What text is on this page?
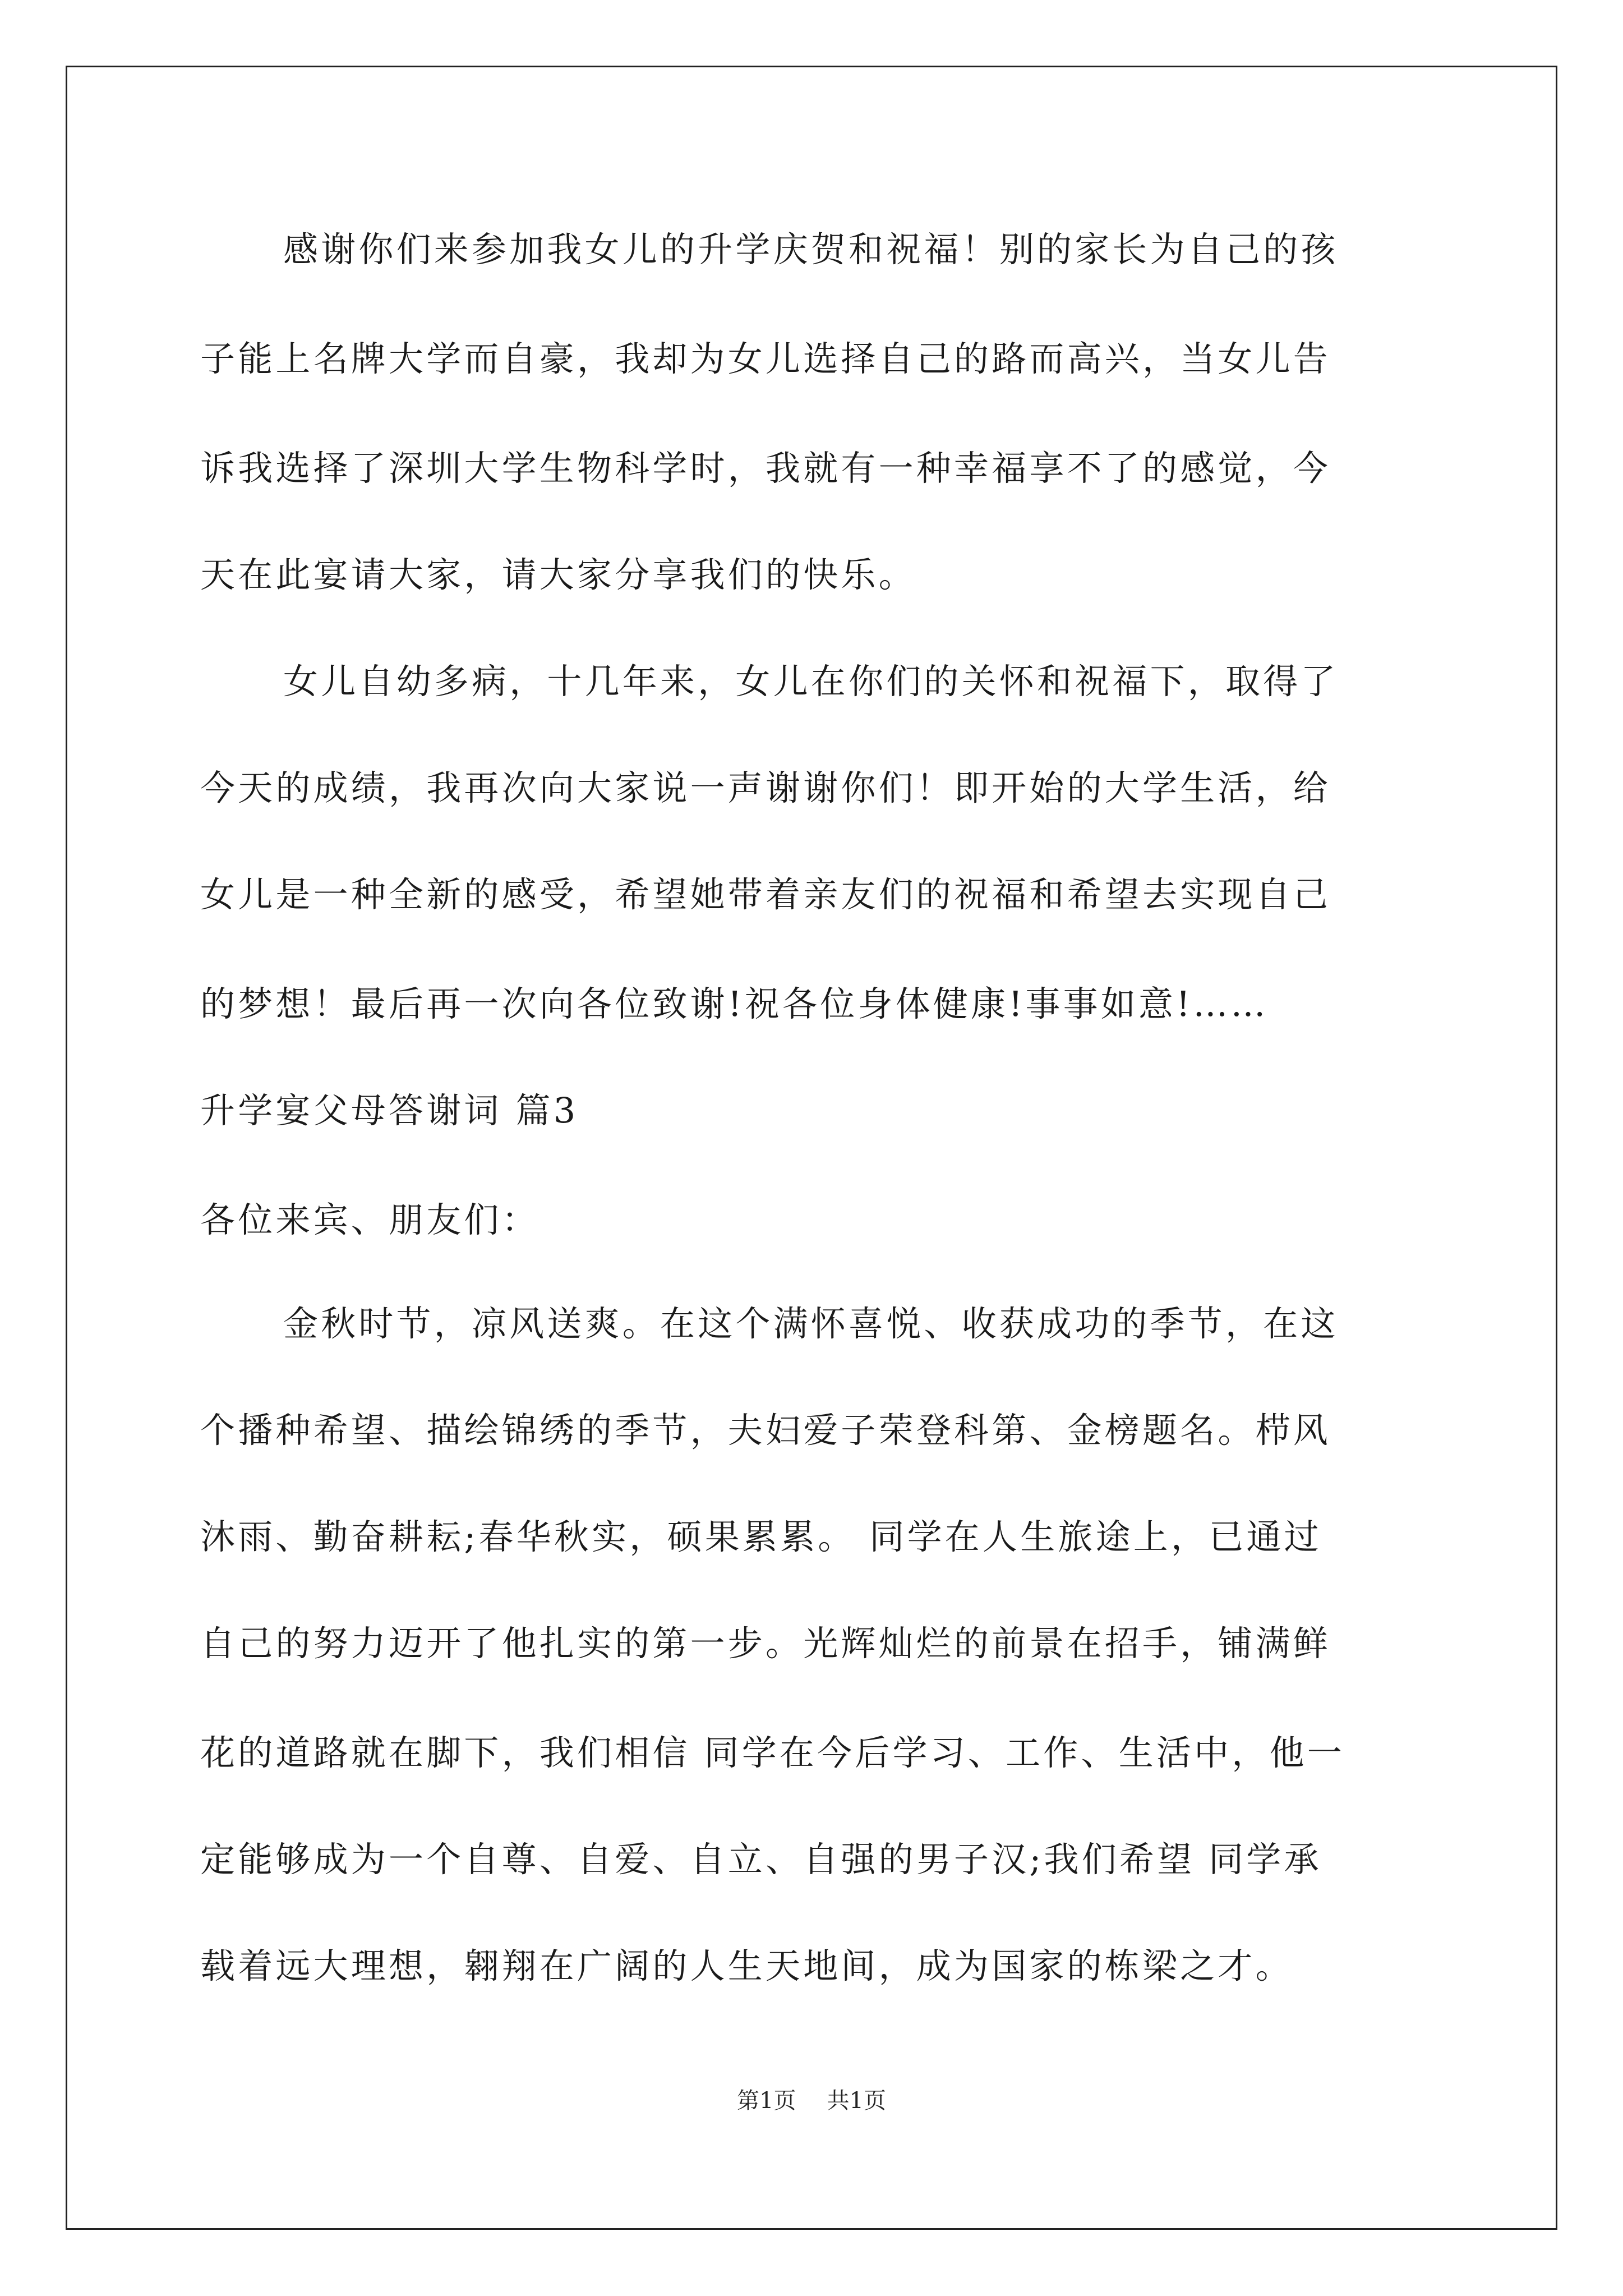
感谢你们来参加我女儿的升学庆贺和祝福！别的家长为自己的孩
子能上名牌大学而自豪，我却为女儿选择自己的路而高兴，当女儿告
诉我选择了深圳大学生物科学时，我就有一种幸福享不了的感觉，今
天在此宴请大家，请大家分享我们的快乐。
女儿自幼多病，十几年来，女儿在你们的关怀和祝福下，取得了
今天的成绩，我再次向大家说一声谢谢你们！即开始的大学生活，给
女儿是一种全新的感受，希望她带着亲友们的祝福和希望去实现自己
的梦想！最后再一次向各位致谢!祝各位身体健康!事事如意!……
升学宴父母答谢词 篇3
各位来宾、朋友们：
金秋时节，凉风送爽。在这个满怀喜悦、收获成功的季节，在这
个播种希望、描绘锦绣的季节，夫妇爱子荣登科第、金榜题名。栉风
沐雨、勤奋耕耘;春华秋实，硕果累累。 同学在人生旅途上，已通过
自己的努力迈开了他扎实的第一步。光辉灿烂的前景在招手，铺满鲜
花的道路就在脚下，我们相信 同学在今后学习、工作、生活中，他一
定能够成为一个自尊、自爱、自立、自强的男子汉;我们希望 同学承
载着远大理想，翱翔在广阔的人生天地间，成为国家的栋梁之才。
第1页 共1页
